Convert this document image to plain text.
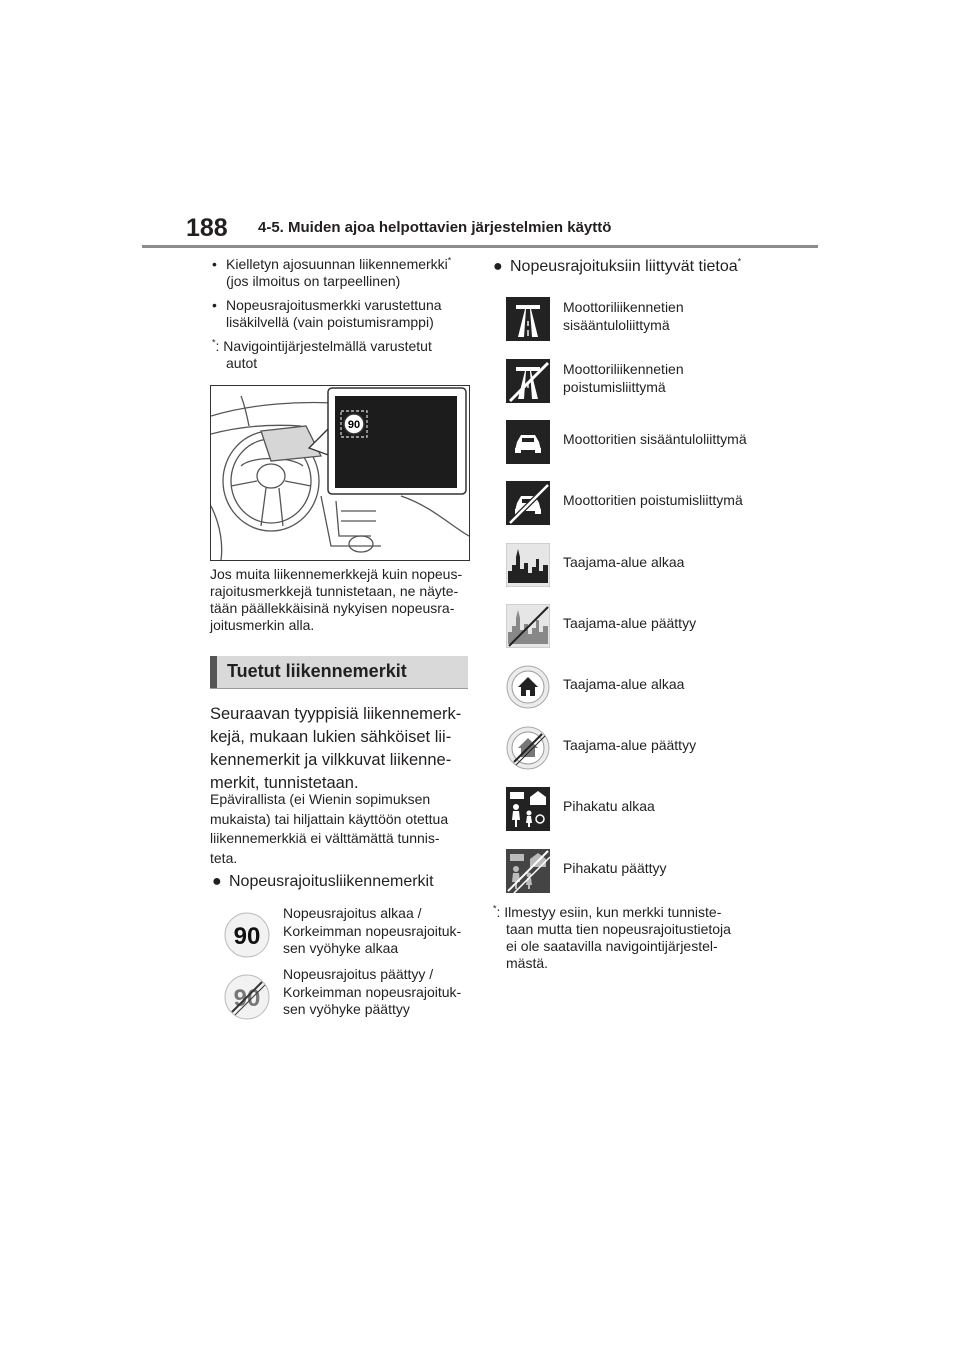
188 4-5. Muiden ajoa helpottavien järjestelmien käyttö
• Kielletyn ajosuunnan liikennemerkki*
(jos ilmoitus on tarpeellinen)
• Nopeusrajoitusmerkki varustettuna
lisäkilvellä (vain poistumisramppi)
*: Navigointijärjestelmällä varustetut
autot
90
Jos muita liikennemerkkejä kuin nopeus-
rajoitusmerkkejä tunnistetaan, ne näyte-
tään päällekkäisinä nykyisen nopeusra-
joitusmerkin alla.
Tuetut liikennemerkit
Seuraavan tyyppisiä liikennemerk-
kejä, mukaan lukien sähköiset lii-
kennemerkit ja vilkkuvat liikenne-
merkit, tunnistetaan.
Epävirallista (ei Wienin sopimuksen
mukaista) tai hiljattain käyttöön otettua
liikennemerkkiä ei välttämättä tunnis-
teta.
● Nopeusrajoitusliikennemerkit
90
Nopeusrajoitus alkaa /
Korkeimman nopeusrajoituk-
sen vyöhyke alkaa
90
Nopeusrajoitus päättyy /
Korkeimman nopeusrajoituk-
sen vyöhyke päättyy
● Nopeusrajoituksiin liittyvät tietoa*
Moottoriliikennetien
sisääntuloliittymä
Moottoriliikennetien
poistumisliittymä
Moottoritien sisääntuloliittymä
Moottoritien poistumisliittymä
Taajama-alue alkaa
Taajama-alue päättyy
Taajama-alue alkaa
Taajama-alue päättyy
Pihakatu alkaa
Pihakatu päättyy
*: Ilmestyy esiin, kun merkki tunniste-
taan mutta tien nopeusrajoitustietoja
ei ole saatavilla navigointijärjestel-
mästä.
